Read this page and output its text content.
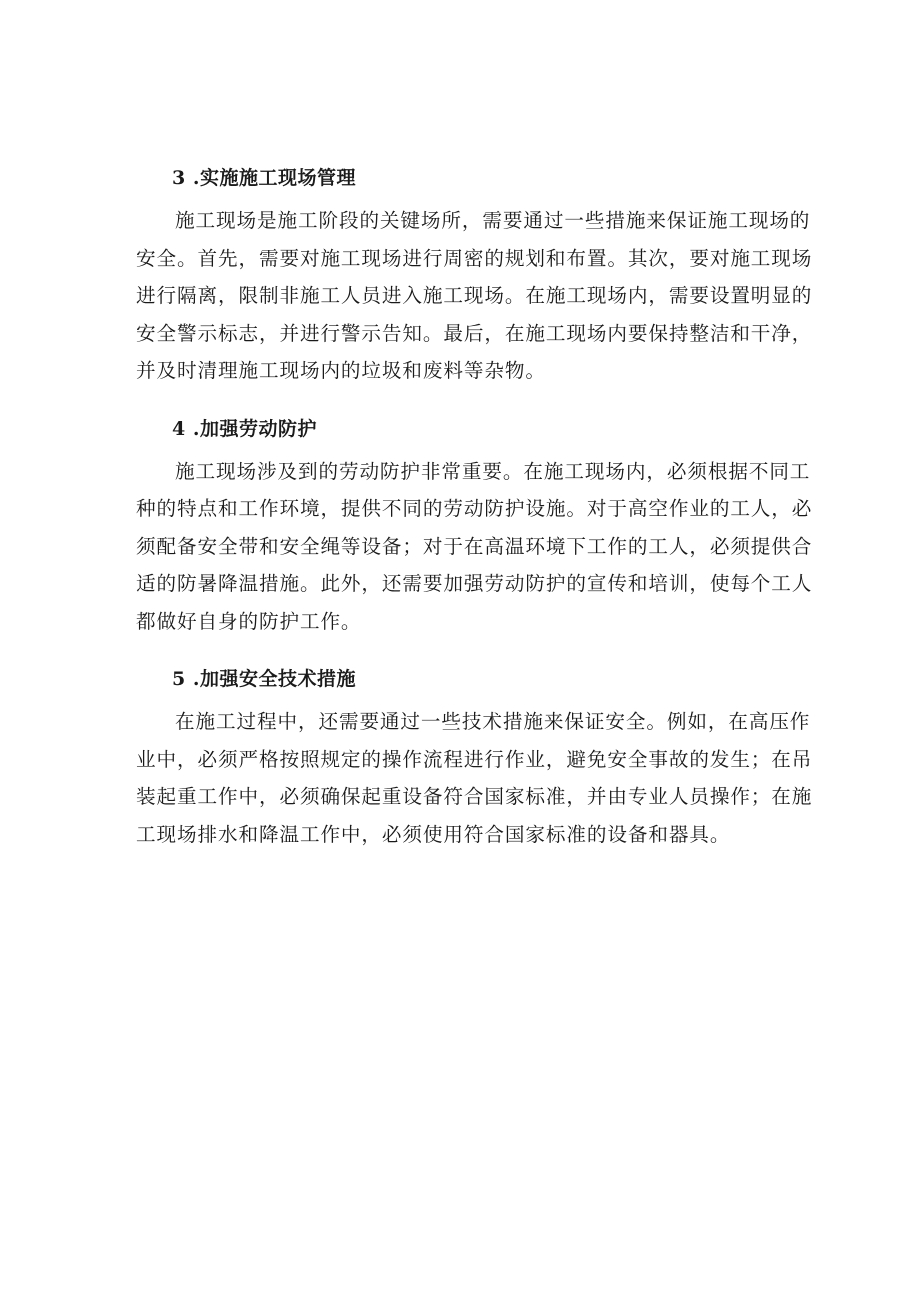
3 .实施施工现场管理

施工现场是施工阶段的关键场所，需要通过一些措施来保证施工现场的
安全。首先，需要对施工现场进行周密的规划和布置。其次，要对施工现场
进行隔离，限制非施工人员进入施工现场。在施工现场内，需要设置明显的
安全警示标志，并进行警示告知。最后，在施工现场内要保持整洁和干净，
并及时清理施工现场内的垃圾和废料等杂物。

4 .加强劳动防护

施工现场涉及到的劳动防护非常重要。在施工现场内，必须根据不同工
种的特点和工作环境，提供不同的劳动防护设施。对于高空作业的工人，必
须配备安全带和安全绳等设备；对于在高温环境下工作的工人，必须提供合
适的防暑降温措施。此外，还需要加强劳动防护的宣传和培训，使每个工人
都做好自身的防护工作。

5 .加强安全技术措施

在施工过程中，还需要通过一些技术措施来保证安全。例如，在高压作
业中，必须严格按照规定的操作流程进行作业，避免安全事故的发生；在吊
装起重工作中，必须确保起重设备符合国家标准，并由专业人员操作；在施
工现场排水和降温工作中，必须使用符合国家标准的设备和器具。
